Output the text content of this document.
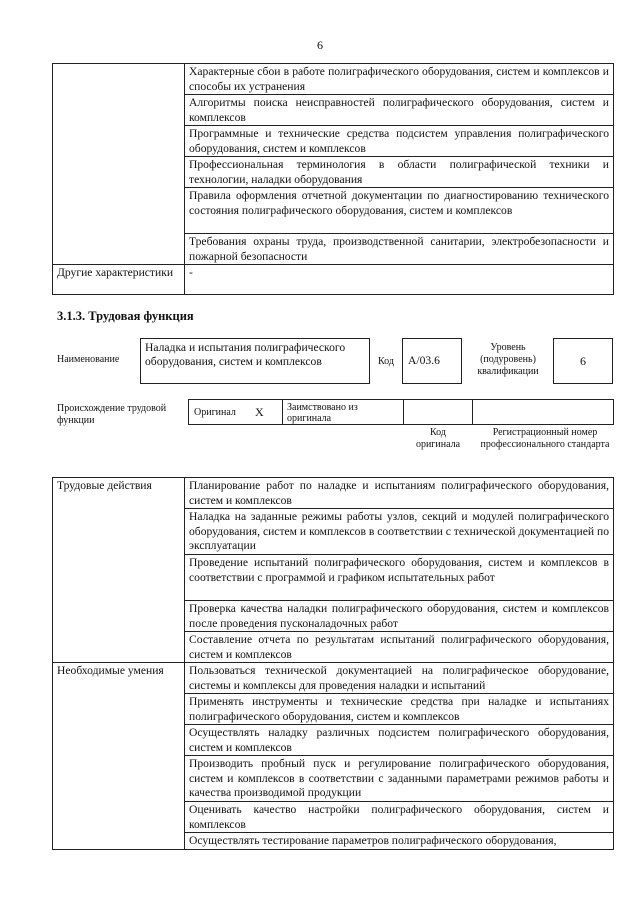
6
	Характерные сбои в работе полиграфического оборудования, систем и комплексов и способы их устранения
	Алгоритмы поиска неисправностей полиграфического оборудования, систем и комплексов
	Программные и технические средства подсистем управления полиграфического оборудования, систем и комплексов
	Профессиональная терминология в области полиграфической техники и технологии, наладки оборудования
	Правила оформления отчетной документации по диагностированию технического состояния полиграфического оборудования, систем и комплексов
	Требования охраны труда, производственной санитарии, электробезопасности и пожарной безопасности
Другие характеристики	-
3.1.3. Трудовая функция
Наименование
Наладка и испытания полиграфического оборудования, систем и комплексов	Код	А/03.6
Уровень (подуровень) квалификации
6
Происхождение трудовой функции
Оригинал X Заимствовано из оригинала
Код оригинала
Регистрационный номер профессионального стандарта
Трудовые действия	Планирование работ по наладке и испытаниям полиграфического оборудования, систем и комплексов
	Наладка на заданные режимы работы узлов, секций и модулей полиграфического оборудования, систем и комплексов в соответствии с технической документацией по эксплуатации
	Проведение испытаний полиграфического оборудования, систем и комплексов в соответствии с программой и графиком испытательных работ
	Проверка качества наладки полиграфического оборудования, систем и комплексов после проведения пусконаладочных работ
	Составление отчета по результатам испытаний полиграфического оборудования, систем и комплексов
Необходимые умения	Пользоваться технической документацией на полиграфическое оборудование, системы и комплексы для проведения наладки и испытаний
	Применять инструменты и технические средства при наладке и испытаниях полиграфического оборудования, систем и комплексов
	Осуществлять наладку различных подсистем полиграфического оборудования, систем и комплексов
	Производить пробный пуск и регулирование полиграфического оборудования, систем и комплексов в соответствии с заданными параметрами режимов работы и качества производимой продукции
	Оценивать качество настройки полиграфического оборудования, систем и комплексов
	Осуществлять тестирование параметров полиграфического оборудования,
